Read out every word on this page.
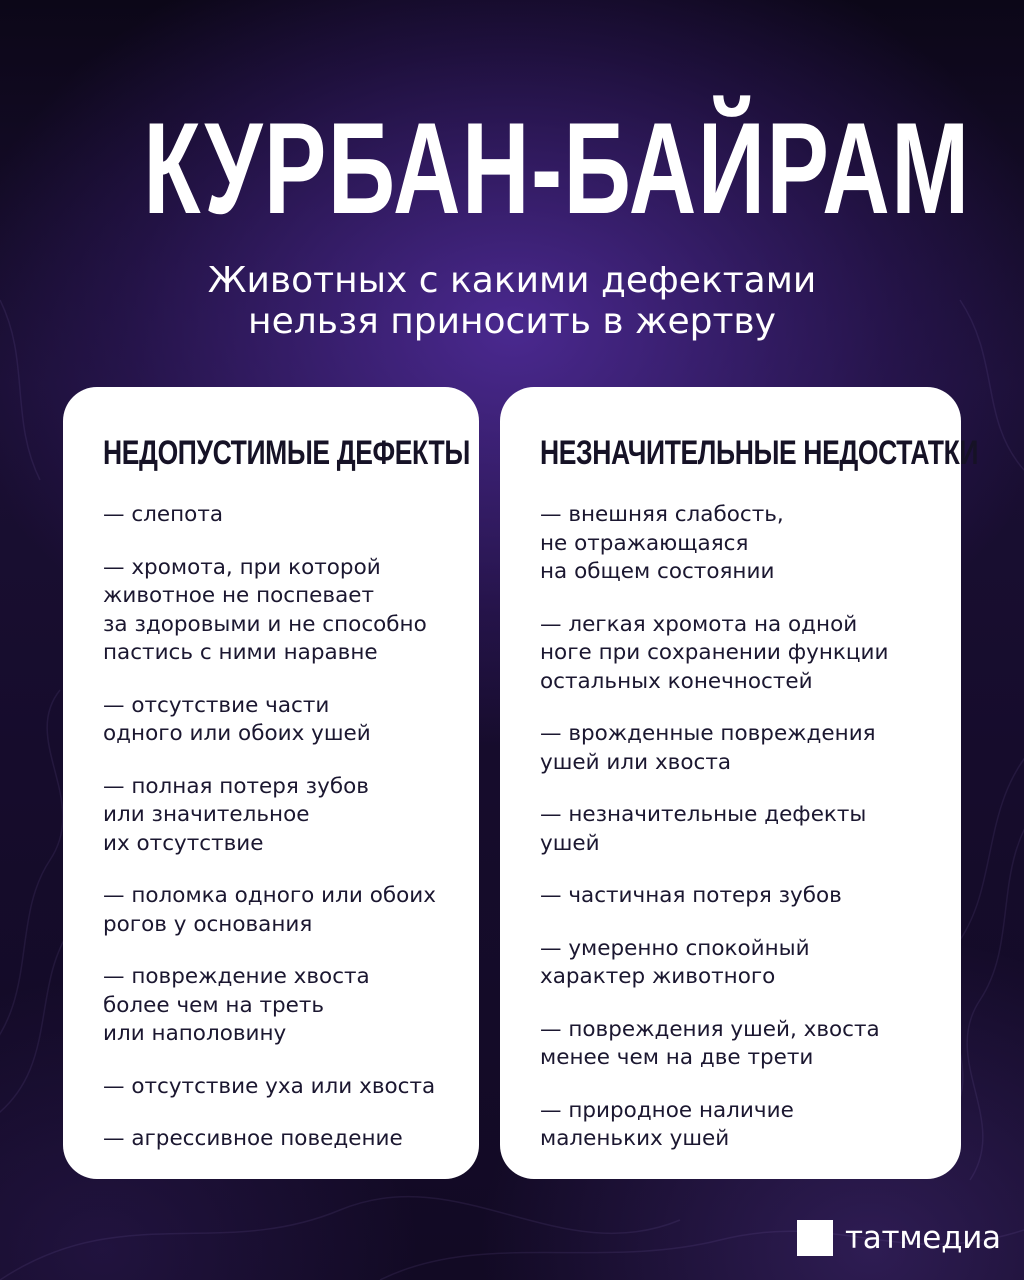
КУРБАН-БАЙРАМ
Животных с какими дефектами
нельзя приносить в жертву
НЕДОПУСТИМЫЕ ДЕФЕКТЫ
— слепота
— хромота, при которой
животное не поспевает
за здоровыми и не способно
пастись с ними наравне
— отсутствие части
одного или обоих ушей
— полная потеря зубов
или значительное
их отсутствие
— поломка одного или обоих
рогов у основания
— повреждение хвоста
более чем на треть
или наполовину
— отсутствие уха или хвоста
— агрессивное поведение
НЕЗНАЧИТЕЛЬНЫЕ НЕДОСТАТКИ
— внешняя слабость,
не отражающаяся
на общем состоянии
— легкая хромота на одной
ноге при сохранении функции
остальных конечностей
— врожденные повреждения
ушей или хвоста
— незначительные дефекты
ушей
— частичная потеря зубов
— умеренно спокойный
характер животного
— повреждения ушей, хвоста
менее чем на две трети
— природное наличие
маленьких ушей
татмедиа
